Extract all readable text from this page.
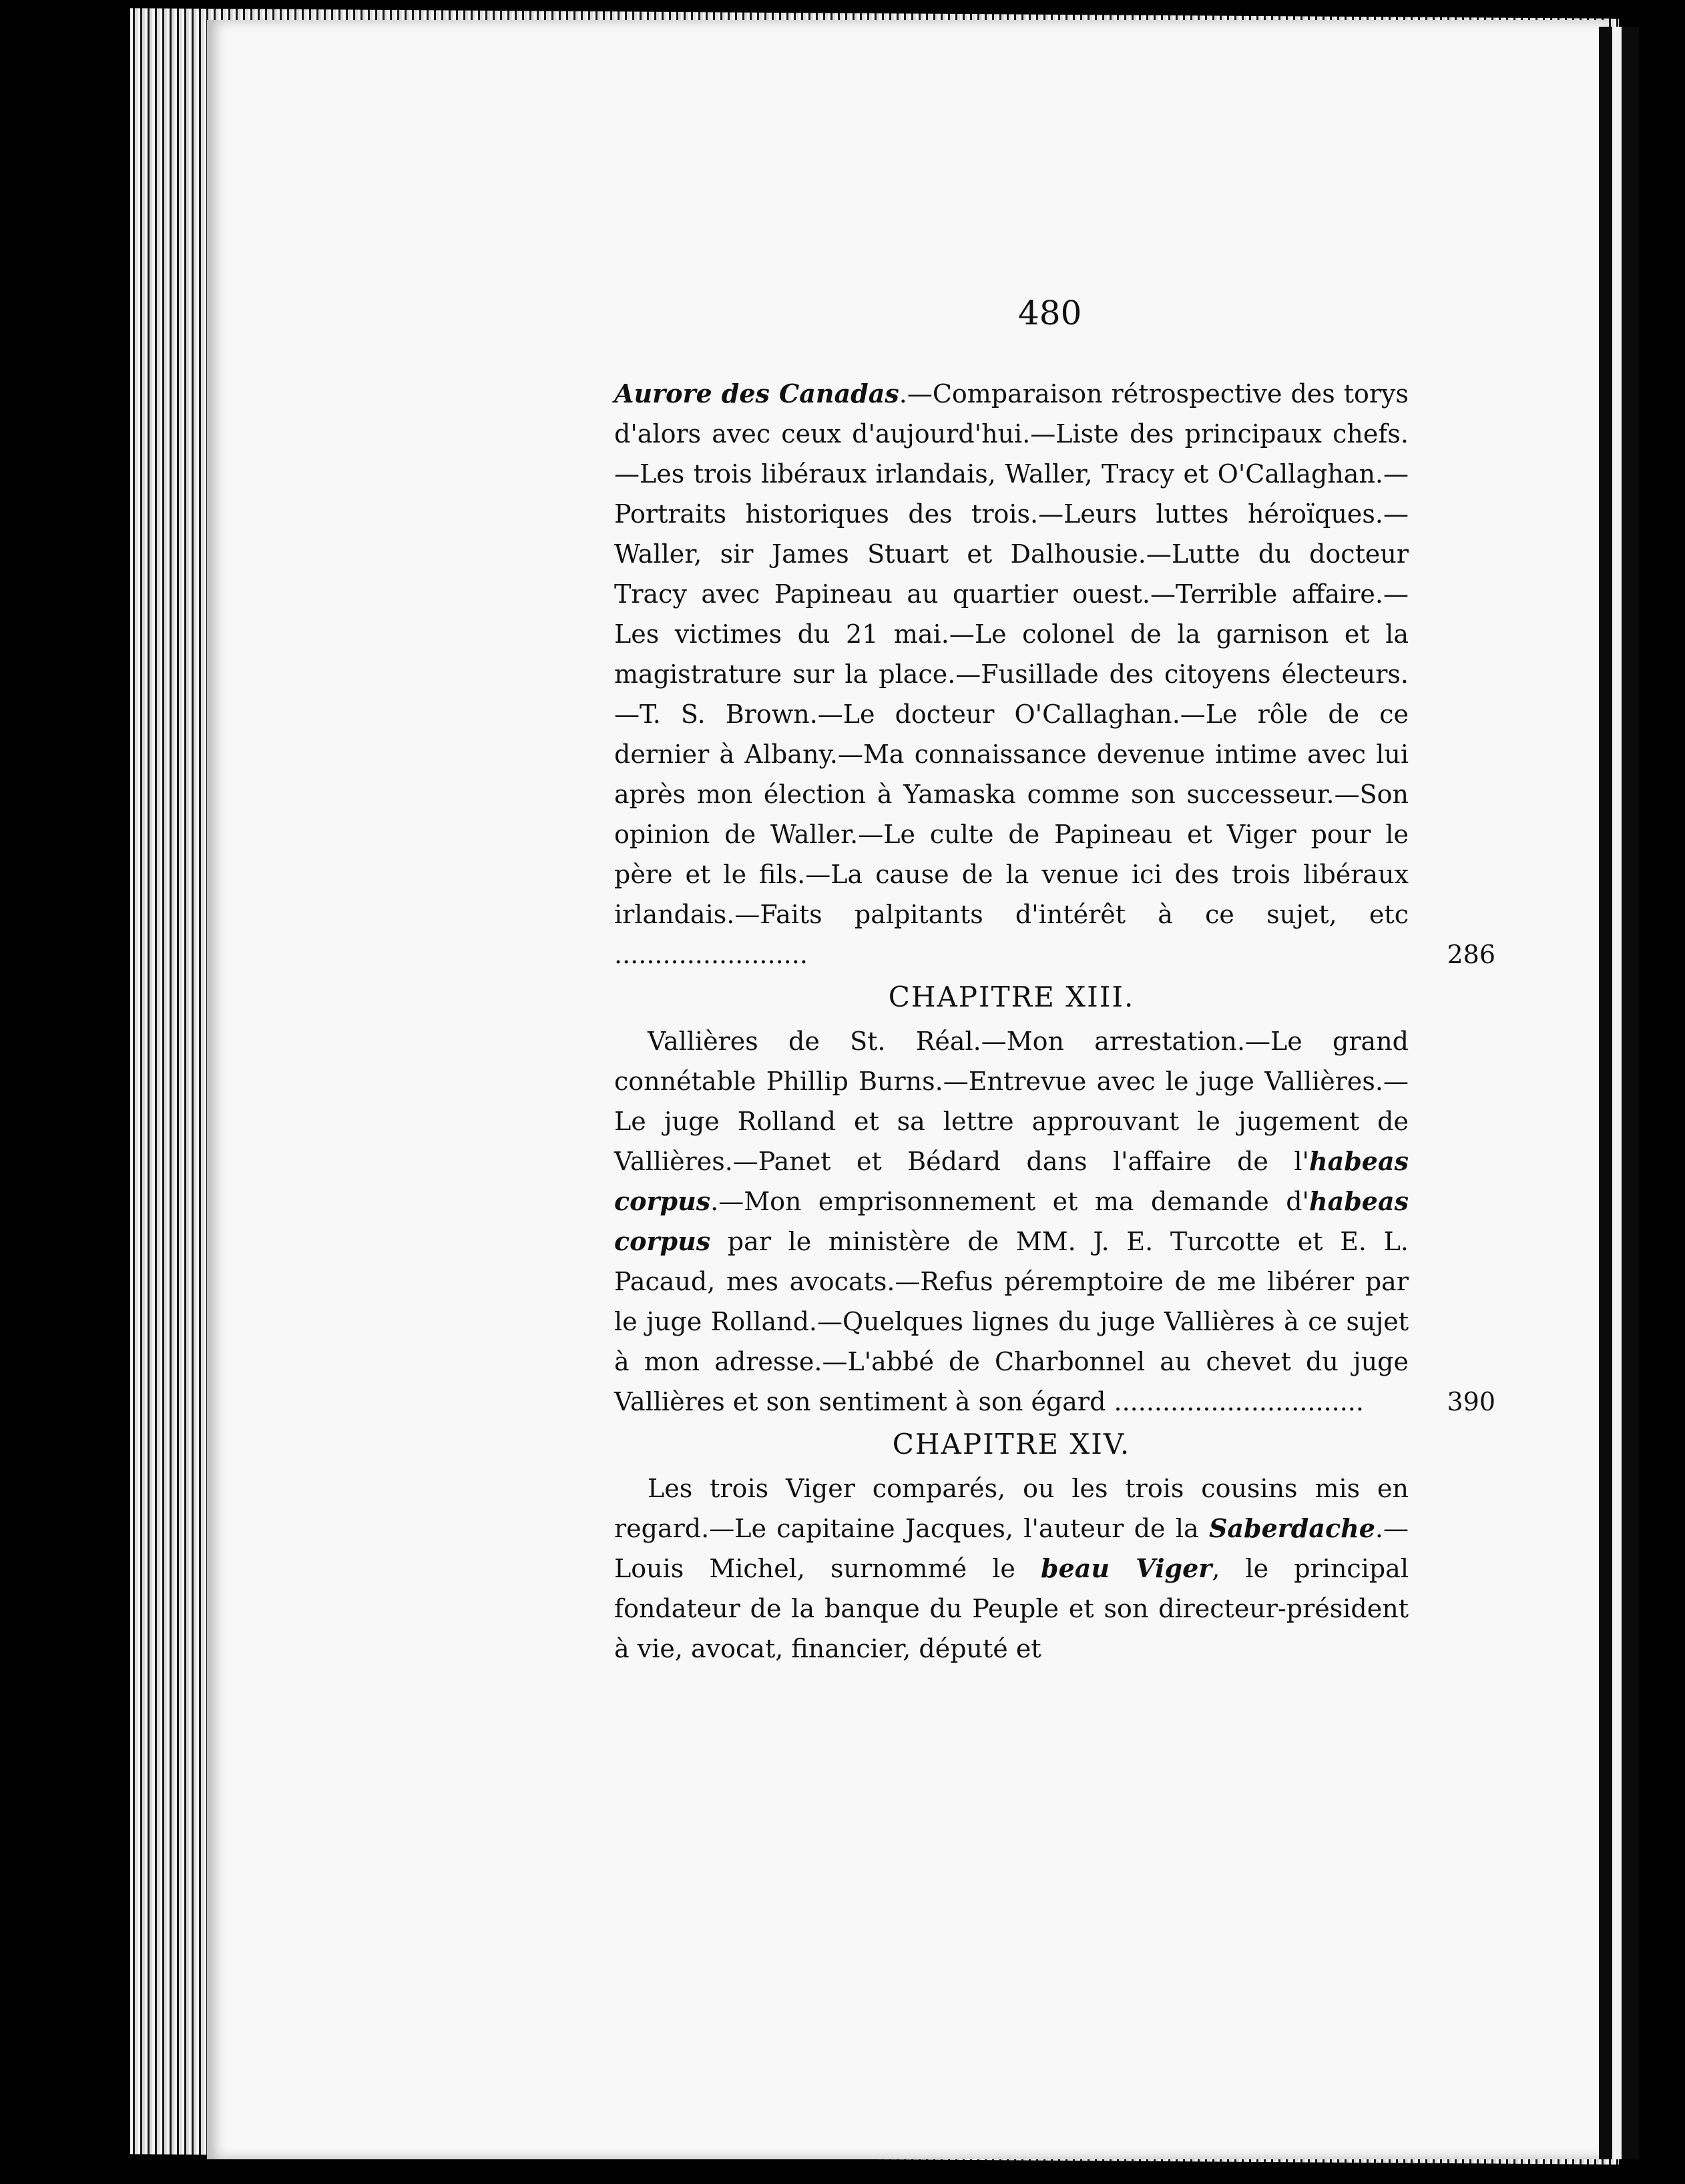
480

Aurore des Canadas.—Comparaison rétrospective des torys d'alors avec ceux d'aujourd'hui.—Liste des principaux chefs.—Les trois libéraux irlandais, Waller, Tracy et O'Callaghan.—Portraits historiques des trois.—Leurs luttes héroïques.—Waller, sir James Stuart et Dalhousie.—Lutte du docteur Tracy avec Papineau au quartier ouest.—Terrible affaire.—Les victimes du 21 mai.—Le colonel de la garnison et la magistrature sur la place.—Fusillade des citoyens électeurs.—T. S. Brown.—Le docteur O'Callaghan.—Le rôle de ce dernier à Albany.—Ma connaissance devenue intime avec lui après mon élection à Yamaska comme son successeur.—Son opinion de Waller.—Le culte de Papineau et Viger pour le père et le fils.—La cause de la venue ici des trois libéraux irlandais.—Faits palpitants d'intérêt à ce sujet, etc ........................	286

CHAPITRE XIII.

Vallières de St. Réal.—Mon arrestation.—Le grand connétable Phillip Burns.—Entrevue avec le juge Vallières.—Le juge Rolland et sa lettre approuvant le jugement de Vallières.—Panet et Bédard dans l'affaire de l'habeas corpus.—Mon emprisonnement et ma demande d'habeas corpus par le ministère de MM. J. E. Turcotte et E. L. Pacaud, mes avocats.—Refus péremptoire de me libérer par le juge Rolland.—Quelques lignes du juge Vallières à ce sujet à mon adresse.—L'abbé de Charbonnel au chevet du juge Vallières et son sentiment à son égard ...............................	390

CHAPITRE XIV.

Les trois Viger comparés, ou les trois cousins mis en regard.—Le capitaine Jacques, l'auteur de la Saberdache.—Louis Michel, surnommé le beau Viger, le principal fondateur de la banque du Peuple et son directeur-président à vie, avocat, financier, député et
